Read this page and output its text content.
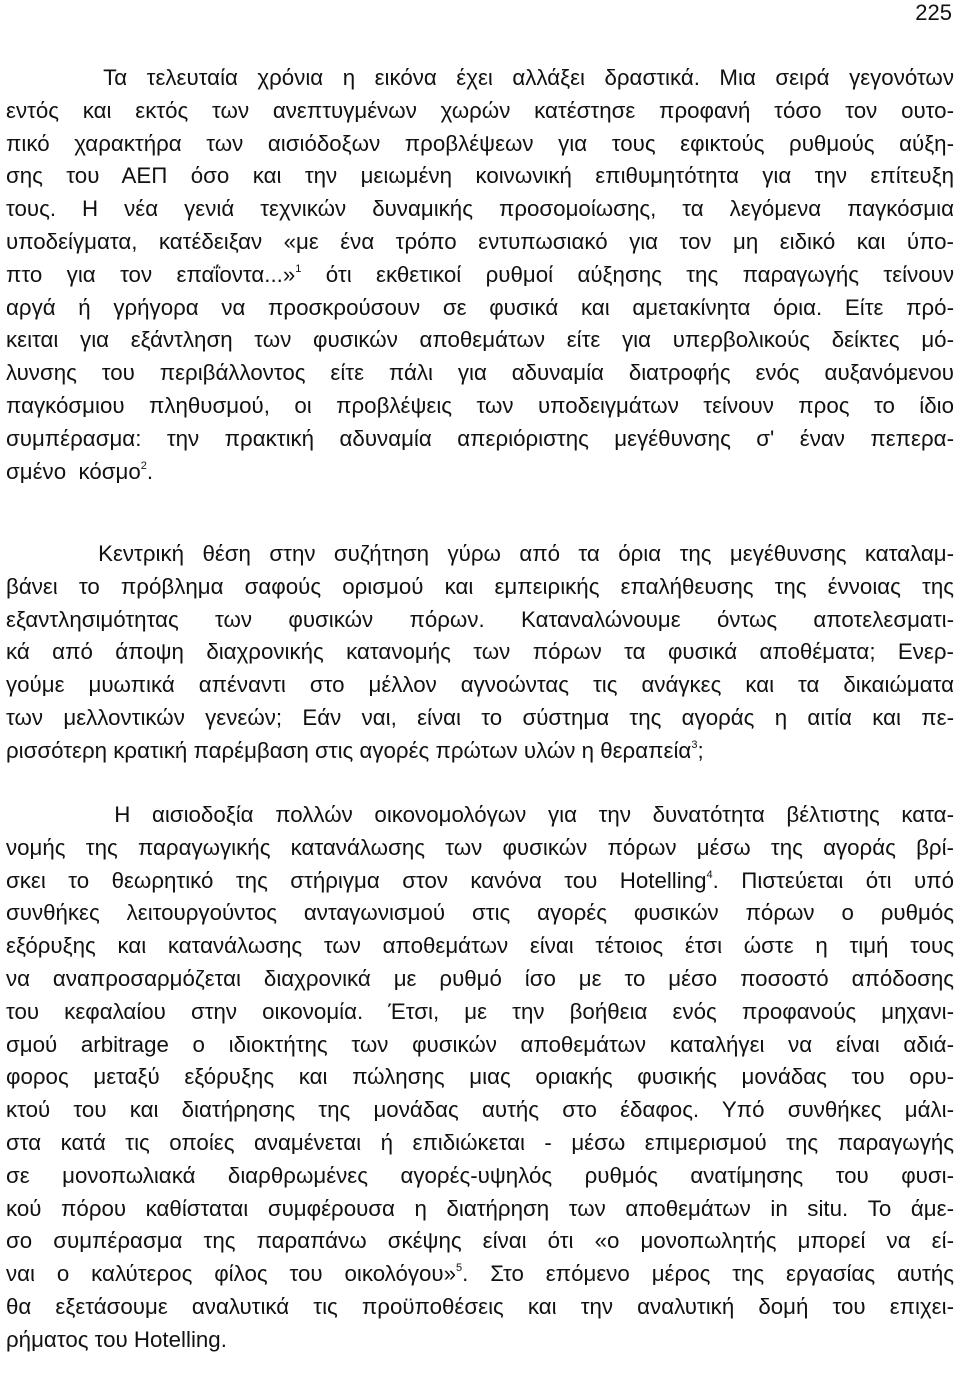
225
Τα τελευταία χρόνια η εικόνα έχει αλλάξει δραστικά. Μια σειρά γεγονότων
εντός και εκτός των ανεπτυγμένων χωρών κατέστησε προφανή τόσο τον ουτο-
πικό χαρακτήρα των αισιόδοξων προβλέψεων για τους εφικτούς ρυθμούς αύξη-
σης του ΑΕΠ όσο και την μειωμένη κοινωνική επιθυμητότητα για την επίτευξη
τους. Η νέα γενιά τεχνικών δυναμικής προσομοίωσης, τα λεγόμενα παγκόσμια
υποδείγματα, κατέδειξαν «με ένα τρόπο εντυπωσιακό για τον μη ειδικό και ύπο-
πτο για τον επαΐοντα...»$^1$ ότι εκθετικοί ρυθμοί αύξησης της παραγωγής τείνουν
αργά ή γρήγορα να προσκρούσουν σε φυσικά και αμετακίνητα όρια. Είτε πρό-
κειται για εξάντληση των φυσικών αποθεμάτων είτε για υπερβολικούς δείκτες μό-
λυνσης του περιβάλλοντος είτε πάλι για αδυναμία διατροφής ενός αυξανόμενου
παγκόσμιου πληθυσμού, οι προβλέψεις των υποδειγμάτων τείνουν προς το ίδιο
συμπέρασμα: την πρακτική αδυναμία απεριόριστης μεγέθυνσης σ' έναν πεπερα-
σμένο  κόσμο$^2$.
Κεντρική θέση στην συζήτηση γύρω από τα όρια της μεγέθυνσης καταλαμ-
βάνει το πρόβλημα σαφούς ορισμού και εμπειρικής επαλήθευσης της έννοιας της
εξαντλησιμότητας των φυσικών πόρων. Καταναλώνουμε όντως αποτελεσματι-
κά από άποψη διαχρονικής κατανομής των πόρων τα φυσικά αποθέματα; Ενερ-
γούμε μυωπικά απέναντι στο μέλλον αγνοώντας τις ανάγκες και τα δικαιώματα
των μελλοντικών γενεών; Εάν ναι, είναι το σύστημα της αγοράς η αιτία και πε-
ρισσότερη κρατική παρέμβαση στις αγορές πρώτων υλών η θεραπεία$^3$;
Η αισιοδοξία πολλών οικονομολόγων για την δυνατότητα βέλτιστης κατα-
νομής της παραγωγικής κατανάλωσης των φυσικών πόρων μέσω της αγοράς βρί-
σκει το θεωρητικό της στήριγμα στον κανόνα του Hotelling$^4$. Πιστεύεται ότι υπό
συνθήκες λειτουργούντος ανταγωνισμού στις αγορές φυσικών πόρων ο ρυθμός
εξόρυξης και κατανάλωσης των αποθεμάτων είναι τέτοιος έτσι ώστε η τιμή τους
να αναπροσαρμόζεται διαχρονικά με ρυθμό ίσο με το μέσο ποσοστό απόδοσης
του κεφαλαίου στην οικονομία. Έτσι, με την βοήθεια ενός προφανούς μηχανι-
σμού arbitrage ο ιδιοκτήτης των φυσικών αποθεμάτων καταλήγει να είναι αδιά-
φορος μεταξύ εξόρυξης και πώλησης μιας οριακής φυσικής μονάδας του ορυ-
κτού του και διατήρησης της μονάδας αυτής στο έδαφος. Υπό συνθήκες μάλι-
στα κατά τις οποίες αναμένεται ή επιδιώκεται - μέσω επιμερισμού της παραγωγής
σε μονοπωλιακά διαρθρωμένες αγορές-υψηλός ρυθμός ανατίμησης του φυσι-
κού πόρου καθίσταται συμφέρουσα η διατήρηση των αποθεμάτων in situ. Το άμε-
σο συμπέρασμα της παραπάνω σκέψης είναι ότι «ο μονοπωλητής μπορεί να εί-
ναι ο καλύτερος φίλος του οικολόγου»$^5$. Στο επόμενο μέρος της εργασίας αυτής
θα εξετάσουμε αναλυτικά τις προϋποθέσεις και την αναλυτική δομή του επιχει-
ρήματος του Hotelling.
